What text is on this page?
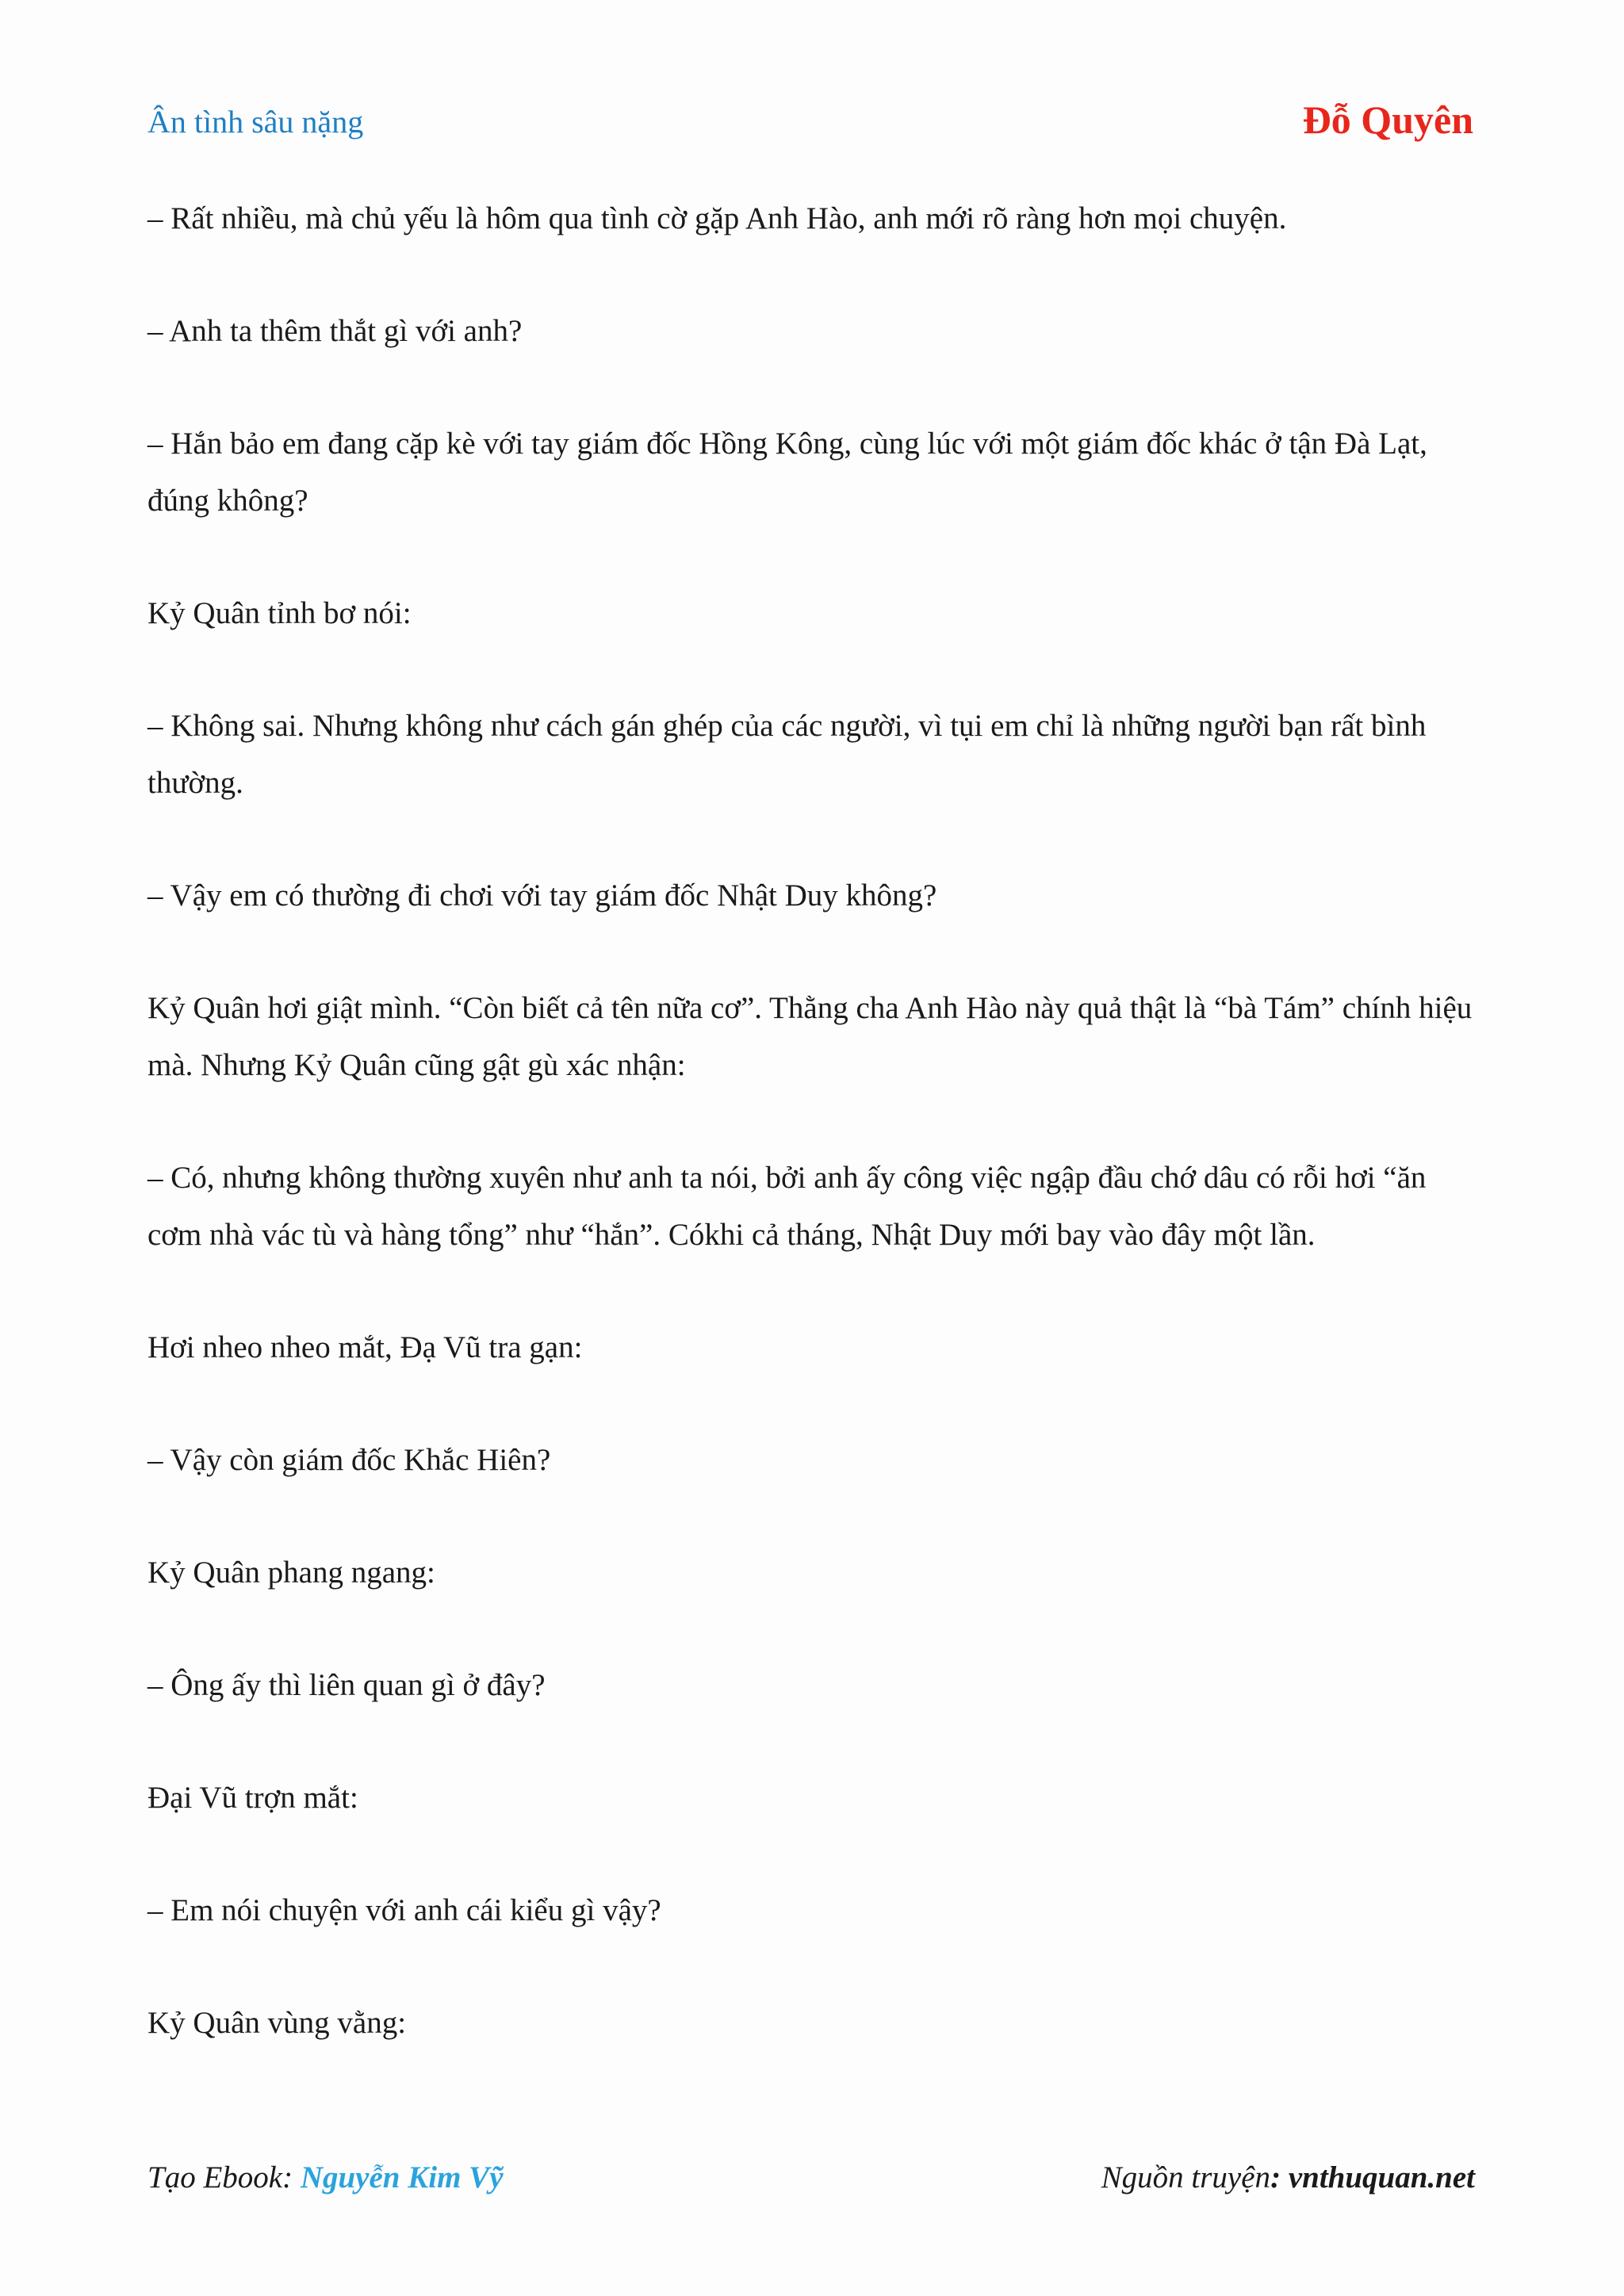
Ân tình sâu nặng	Đỗ Quyên

– Rất nhiều, mà chủ yếu là hôm qua tình cờ gặp Anh Hào, anh mới rõ ràng hơn mọi chuyện.

– Anh ta thêm thắt gì với anh?

– Hắn bảo em đang cặp kè với tay giám đốc Hồng Kông, cùng lúc với một giám đốc khác ở tận Đà Lạt, đúng không?

Kỷ Quân tỉnh bơ nói:

– Không sai. Nhưng không như cách gán ghép của các người, vì tụi em chỉ là những người bạn rất bình thường.

– Vậy em có thường đi chơi với tay giám đốc Nhật Duy không?

Kỷ Quân hơi giật mình. “Còn biết cả tên nữa cơ”. Thằng cha Anh Hào này quả thật là “bà Tám” chính hiệu mà. Nhưng Kỷ Quân cũng gật gù xác nhận:

– Có, nhưng không thường xuyên như anh ta nói, bởi anh ấy công việc ngập đầu chớ dâu có rỗi hơi “ăn cơm nhà vác tù và hàng tổng” như “hắn”. Cókhi cả tháng, Nhật Duy mới bay vào đây một lần.

Hơi nheo nheo mắt, Đạ Vũ tra gạn:

– Vậy còn giám đốc Khắc Hiên?

Kỷ Quân phang ngang:

– Ông ấy thì liên quan gì ở đây?

Đại Vũ trợn mắt:

– Em nói chuyện với anh cái kiểu gì vậy?

Kỷ Quân vùng vằng:

Tạo Ebook: Nguyễn Kim Vỹ	Nguồn truyện: vnthuquan.net
